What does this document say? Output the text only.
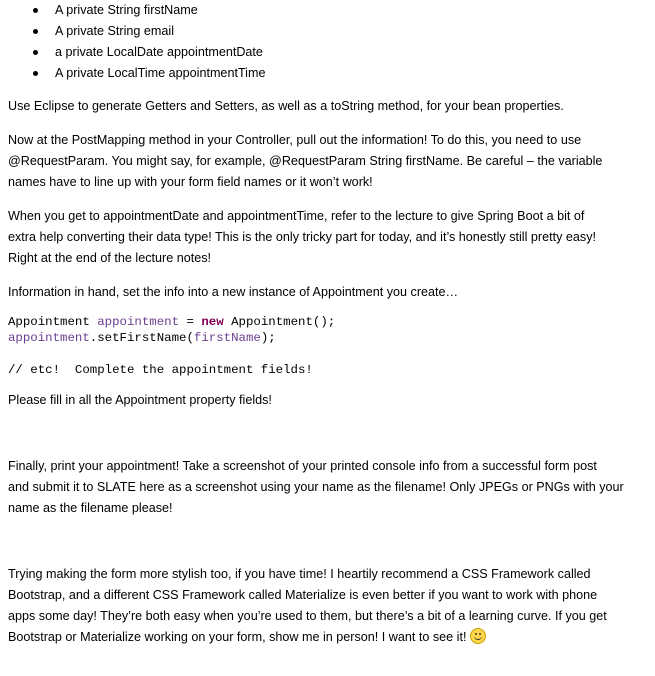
A private String firstName
A private String email
a private LocalDate appointmentDate
A private LocalTime appointmentTime

Use Eclipse to generate Getters and Setters, as well as a toString method, for your bean properties.

Now at the PostMapping method in your Controller, pull out the information! To do this, you need to use

@RequestParam. You might say, for example, @RequestParam String firstName. Be careful – the variable

names have to line up with your form field names or it won’t work!

When you get to appointmentDate and appointmentTime, refer to the lecture to give Spring Boot a bit of

extra help converting their data type! This is the only tricky part for today, and it’s honestly still pretty easy!

Right at the end of the lecture notes!

Information in hand, set the info into a new instance of Appointment you create…

Appointment appointment = new Appointment();
appointment.setFirstName(firstName);
// etc!  Complete the appointment fields!

Please fill in all the Appointment property fields!

Finally, print your appointment! Take a screenshot of your printed console info from a successful form post

and submit it to SLATE here as a screenshot using your name as the filename! Only JPEGs or PNGs with your

name as the filename please!

Trying making the form more stylish too, if you have time! I heartily recommend a CSS Framework called

Bootstrap, and a different CSS Framework called Materialize is even better if you want to work with phone

apps some day! They’re both easy when you’re used to them, but there’s a bit of a learning curve. If you get

Bootstrap or Materialize working on your form, show me in person! I want to see it!
